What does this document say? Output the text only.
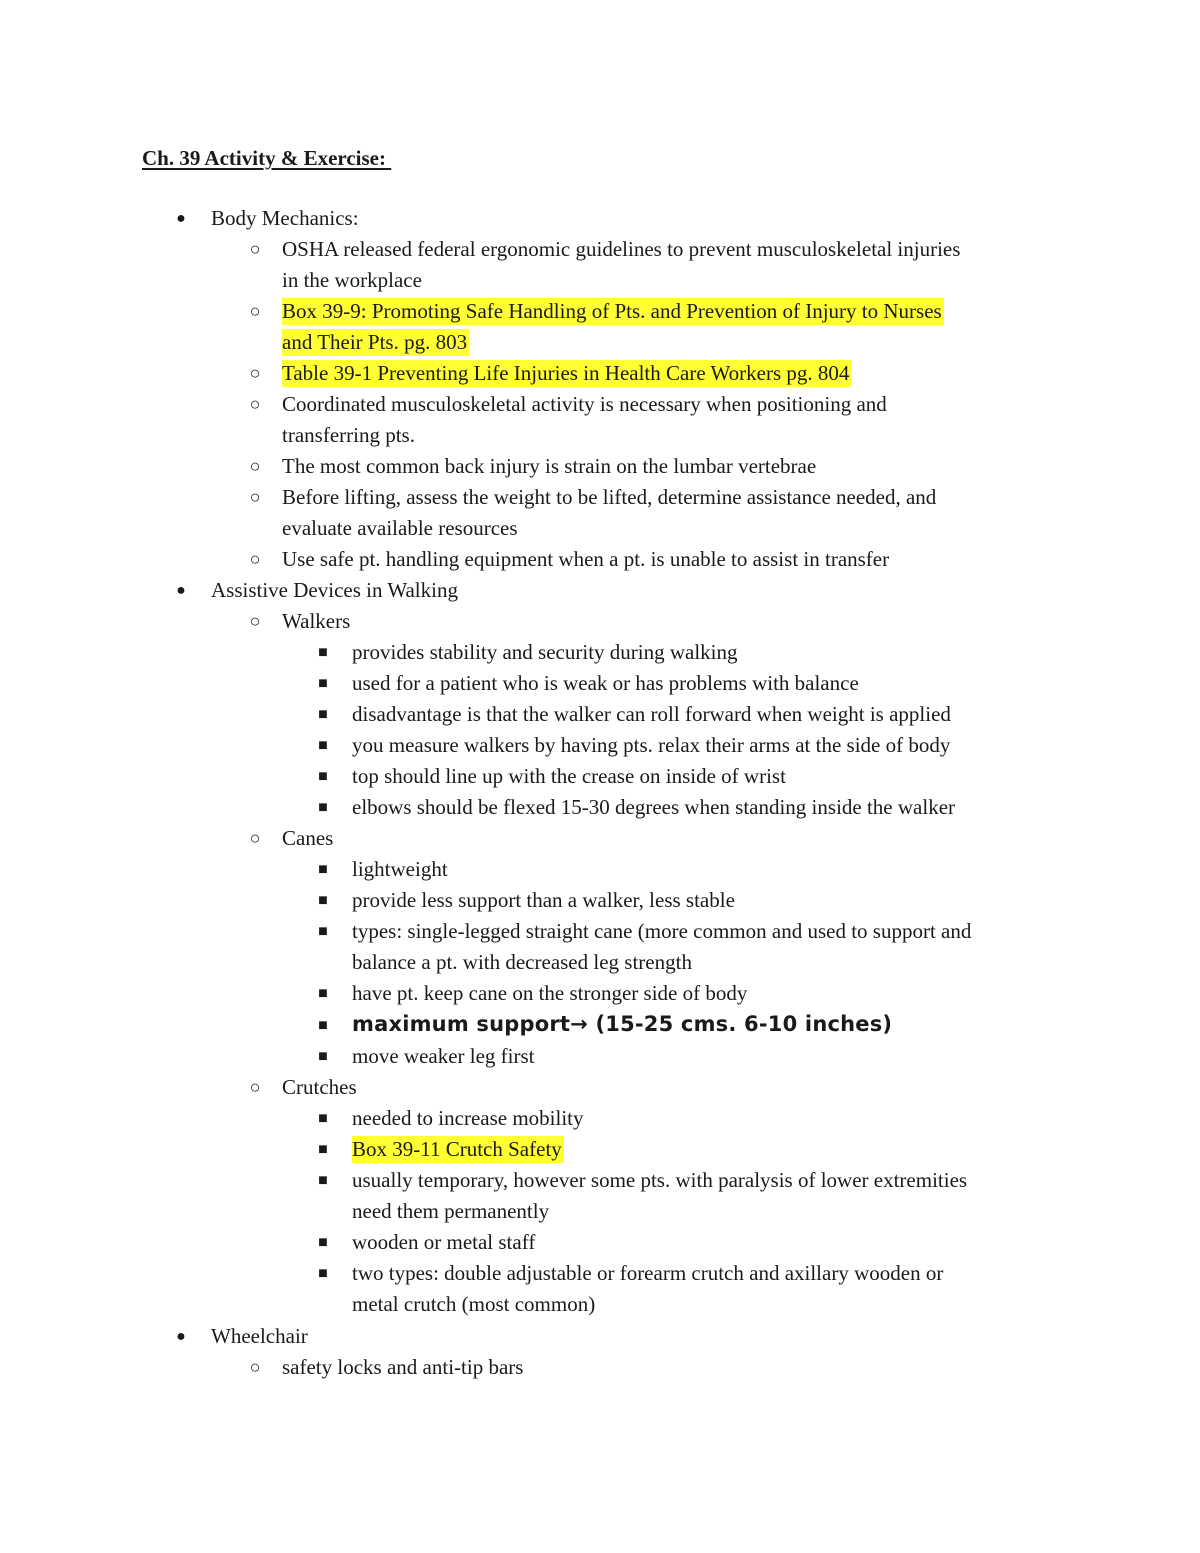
Ch. 39 Activity & Exercise:
●	Body Mechanics:
○	OSHA released federal ergonomic guidelines to prevent musculoskeletal injuries
in the workplace
○	Box 39-9: Promoting Safe Handling of Pts. and Prevention of Injury to Nurses
and Their Pts. pg. 803
○	Table 39-1 Preventing Life Injuries in Health Care Workers pg. 804
○	Coordinated musculoskeletal activity is necessary when positioning and
transferring pts.
○	The most common back injury is strain on the lumbar vertebrae
○	Before lifting, assess the weight to be lifted, determine assistance needed, and
evaluate available resources
○	Use safe pt. handling equipment when a pt. is unable to assist in transfer
●	Assistive Devices in Walking
○	Walkers
■	provides stability and security during walking
■	used for a patient who is weak or has problems with balance
■	disadvantage is that the walker can roll forward when weight is applied
■	you measure walkers by having pts. relax their arms at the side of body
■	top should line up with the crease on inside of wrist
■	elbows should be flexed 15-30 degrees when standing inside the walker
○	Canes
■	lightweight
■	provide less support than a walker, less stable
■	types: single-legged straight cane (more common and used to support and
balance a pt. with decreased leg strength
■	have pt. keep cane on the stronger side of body
■	maximum support→ (15-25 cms. 6-10 inches)
■	move weaker leg first
○	Crutches
■	needed to increase mobility
■	Box 39-11 Crutch Safety
■	usually temporary, however some pts. with paralysis of lower extremities
need them permanently
■	wooden or metal staff
■	two types: double adjustable or forearm crutch and axillary wooden or
metal crutch (most common)
●	Wheelchair
○	safety locks and anti-tip bars
